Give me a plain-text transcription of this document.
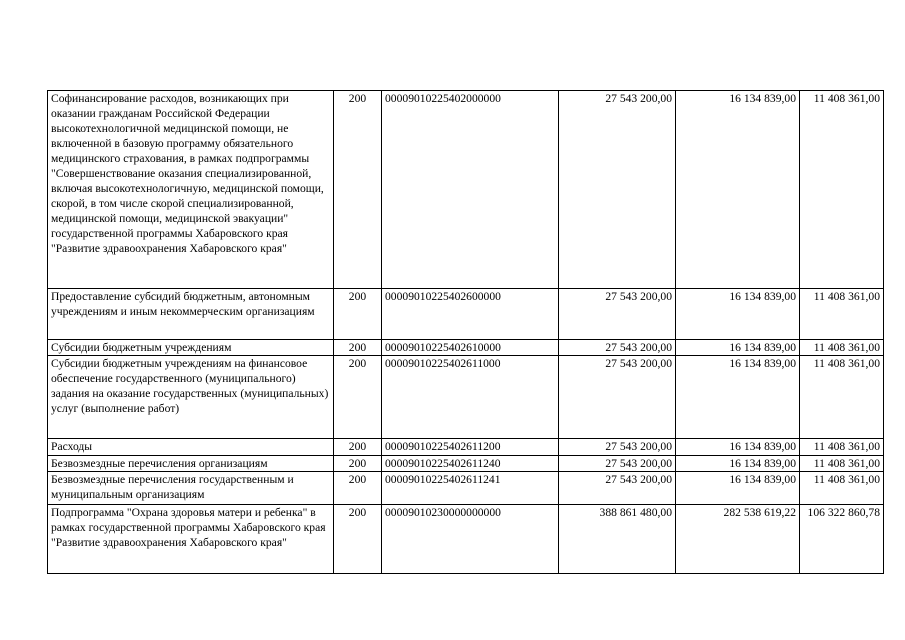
Софинансирование расходов, возникающих при оказании гражданам Российской Федерации высокотехнологичной медицинской помощи, не включенной в базовую программу обязательного медицинского страхования, в рамках подпрограммы "Совершенствование оказания специализированной, включая высокотехнологичную, медицинской помощи, скорой, в том числе скорой специализированной, медицинской помощи, медицинской эвакуации" государственной программы Хабаровского края "Развитие здравоохранения Хабаровского края"	200	00009010225402000000	27 543 200,00	16 134 839,00	11 408 361,00
Предоставление субсидий бюджетным, автономным учреждениям и иным некоммерческим организациям	200	00009010225402600000	27 543 200,00	16 134 839,00	11 408 361,00
Субсидии бюджетным учреждениям	200	00009010225402610000	27 543 200,00	16 134 839,00	11 408 361,00
Субсидии бюджетным учреждениям на финансовое обеспечение государственного (муниципального) задания на оказание государственных (муниципальных) услуг (выполнение работ)	200	00009010225402611000	27 543 200,00	16 134 839,00	11 408 361,00
Расходы	200	00009010225402611200	27 543 200,00	16 134 839,00	11 408 361,00
Безвозмездные перечисления организациям	200	00009010225402611240	27 543 200,00	16 134 839,00	11 408 361,00
Безвозмездные перечисления государственным и муниципальным организациям	200	00009010225402611241	27 543 200,00	16 134 839,00	11 408 361,00
Подпрограмма "Охрана здоровья матери и ребенка" в рамках государственной программы Хабаровского края "Развитие здравоохранения Хабаровского края"	200	00009010230000000000	388 861 480,00	282 538 619,22	106 322 860,78
